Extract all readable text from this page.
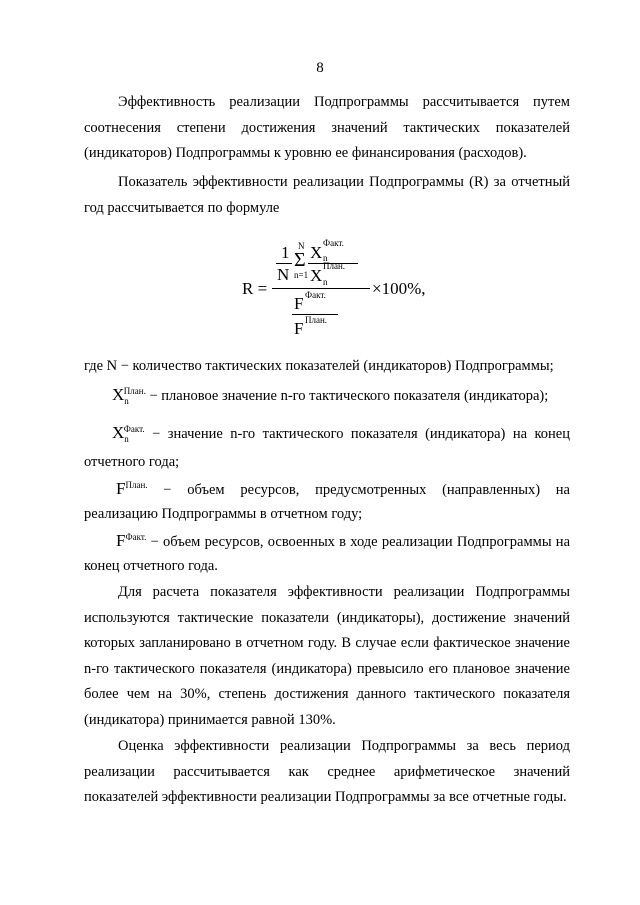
8
Эффективность реализации Подпрограммы рассчитывается путем
соотнесения степени достижения значений тактических показателей
(индикаторов) Подпрограммы к уровню ее финансирования (расходов).
Показатель эффективности реализации Подпрограммы (R) за отчетный
год рассчитывается по формуле
R =
1
N
N
Σ
n=1
X Факт.
n
X План.
n
F Факт.
F План.
×100%,
где N − количество тактических показателей (индикаторов) Подпрограммы;
$X_n^{План.}$ − плановое значение n-го тактического показателя (индикатора);
$X_n^{Факт.}$ − значение n-го тактического показателя (индикатора) на конец
отчетного года;
$F^{План.}$ − объем ресурсов, предусмотренных (направленных) на
реализацию Подпрограммы в отчетном году;
$F^{Факт.}$ − объем ресурсов, освоенных в ходе реализации Подпрограммы на
конец отчетного года.
Для расчета показателя эффективности реализации Подпрограммы
используются тактические показатели (индикаторы), достижение значений
которых запланировано в отчетном году. В случае если фактическое значение
n-го тактического показателя (индикатора) превысило его плановое значение
более чем на 30%, степень достижения данного тактического показателя
(индикатора) принимается равной 130%.
Оценка эффективности реализации Подпрограммы за весь период
реализации рассчитывается как среднее арифметическое значений
показателей эффективности реализации Подпрограммы за все отчетные годы.
